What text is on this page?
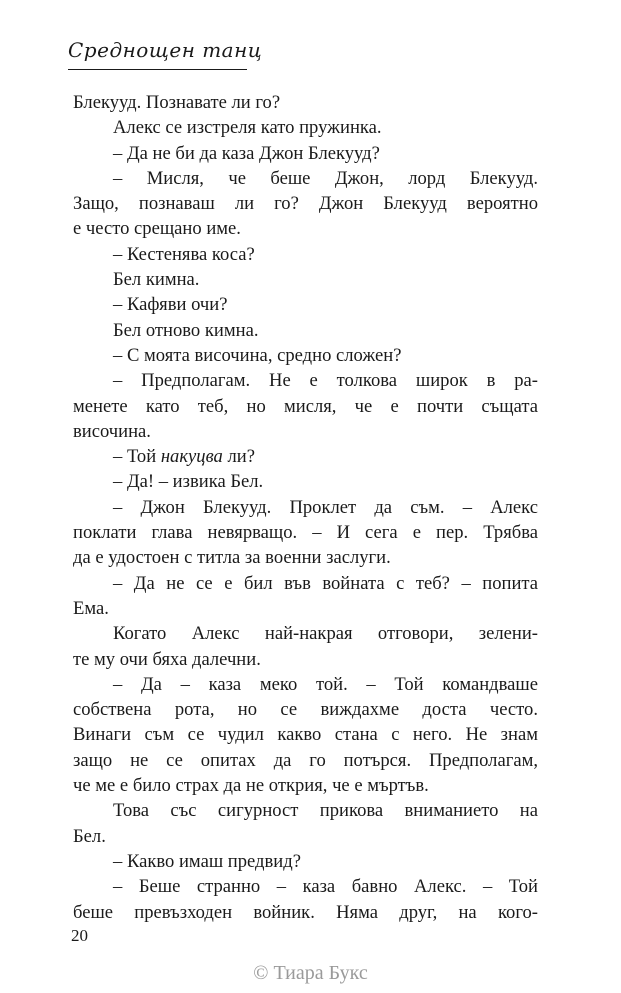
Среднощен танц
Блекууд. Познавате ли го?
Алекс се изстреля като пружинка.
– Да не би да каза Джон Блекууд?
– Мисля, че беше Джон, лорд Блекууд.
Защо, познаваш ли го? Джон Блекууд вероятно
е често срещано име.
– Кестенява коса?
Бел кимна.
– Кафяви очи?
Бел отново кимна.
– С моята височина, средно сложен?
– Предполагам. Не е толкова широк в ра-
менете като теб, но мисля, че е почти същата
височина.
– Той накуцва ли?
– Да! – извика Бел.
– Джон Блекууд. Проклет да съм. – Алекс
поклати глава невярващо. – И сега е пер. Трябва
да е удостоен с титла за военни заслуги.
– Да не се е бил във войната с теб? – попита
Ема.
Когато Алекс най-накрая отговори, зелени-
те му очи бяха далечни.
– Да – каза меко той. – Той командваше
собствена рота, но се виждахме доста често.
Винаги съм се чудил какво стана с него. Не знам
защо не се опитах да го потърся. Предполагам,
че ме е било страх да не открия, че е мъртъв.
Това със сигурност прикова вниманието на
Бел.
– Какво имаш предвид?
– Беше странно – каза бавно Алекс. – Той
беше превъзходен войник. Няма друг, на кого-
20
© Тиара Букс
